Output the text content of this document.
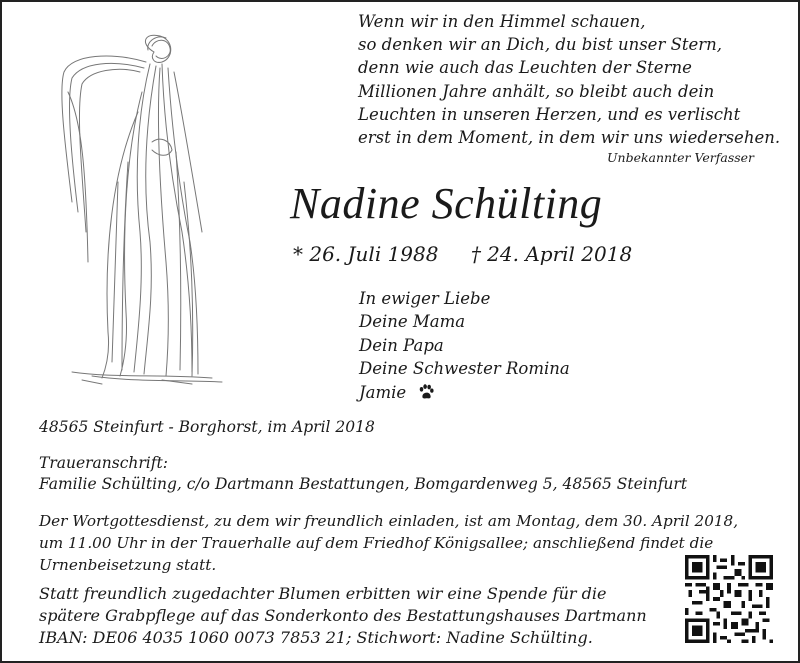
Wenn wir in den Himmel schauen,
so denken wir an Dich, du bist unser Stern,
denn wie auch das Leuchten der Sterne
Millionen Jahre anhält, so bleibt auch dein
Leuchten in unseren Herzen, und es verlischt
erst in dem Moment, in dem wir uns wiedersehen.
Unbekannter Verfasser
Nadine Schülting
* 26. Juli 1988 † 24. April 2018
In ewiger Liebe
Deine Mama
Dein Papa
Deine Schwester Romina
Jamie
48565 Steinfurt - Borghorst, im April 2018
Traueranschrift:
Familie Schülting, c/o Dartmann Bestattungen, Bomgardenweg 5, 48565 Steinfurt
Der Wortgottesdienst, zu dem wir freundlich einladen, ist am Montag, dem 30. April 2018,
um 11.00 Uhr in der Trauerhalle auf dem Friedhof Königsallee; anschließend findet die
Urnenbeisetzung statt.
Statt freundlich zugedachter Blumen erbitten wir eine Spende für die
spätere Grabpflege auf das Sonderkonto des Bestattungshauses Dartmann
IBAN: DE06 4035 1060 0073 7853 21; Stichwort: Nadine Schülting.
